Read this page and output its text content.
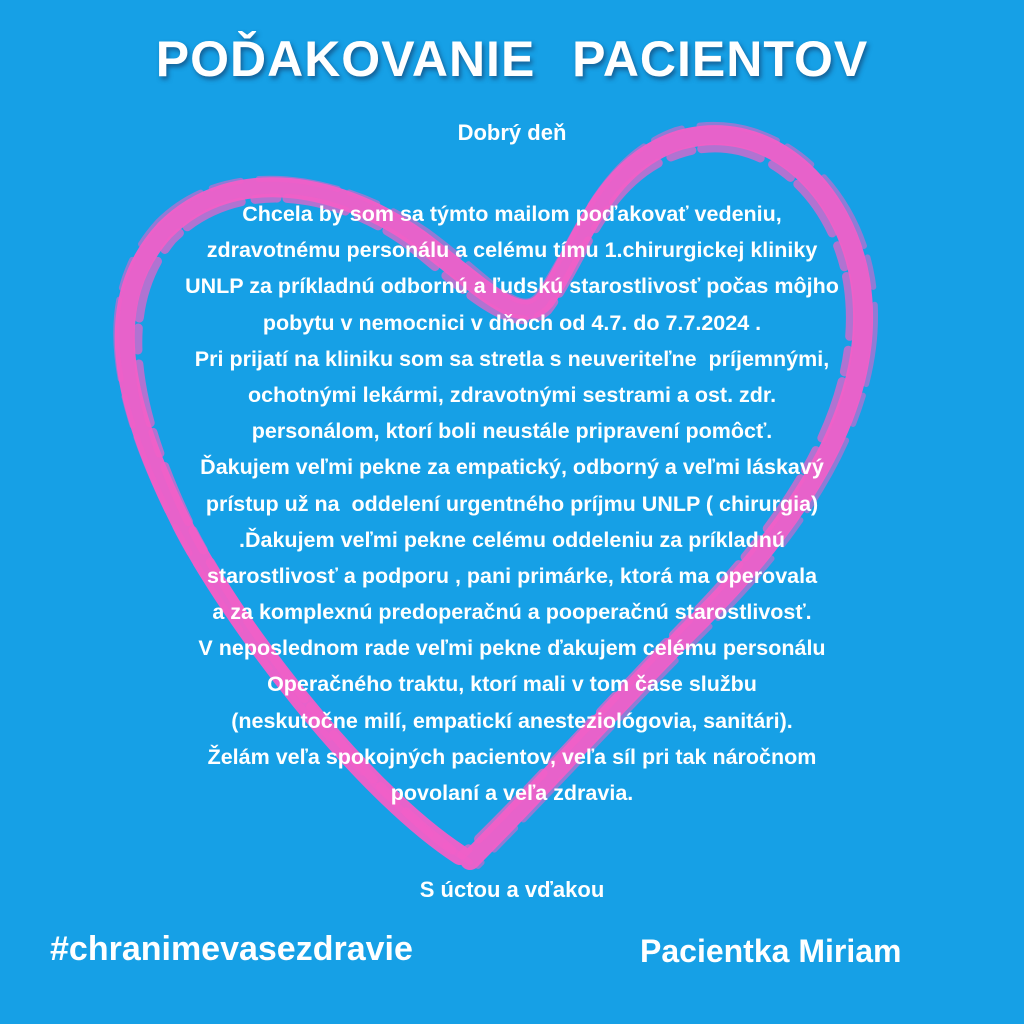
POĎAKOVANIE PACIENTOV
Dobrý deň
Chcela by som sa týmto mailom poďakovať vedeniu,
zdravotnému personálu a celému tímu 1.chirurgickej kliniky
UNLP za príkladnú odbornú a ľudskú starostlivosť počas môjho
pobytu v nemocnici v dňoch od 4.7. do 7.7.2024 .
Pri prijatí na kliniku som sa stretla s neuveriteľne  príjemnými,
ochotnými lekármi, zdravotnými sestrami a ost. zdr.
personálom, ktorí boli neustále pripravení pomôcť.
Ďakujem veľmi pekne za empatický, odborný a veľmi láskavý
prístup už na  oddelení urgentného príjmu UNLP ( chirurgia)
.Ďakujem veľmi pekne celému oddeleniu za príkladnú
starostlivosť a podporu , pani primárke, ktorá ma operovala
a za komplexnú predoperačnú a pooperačnú starostlivosť.
V neposlednom rade veľmi pekne ďakujem celému personálu
Operačného traktu, ktorí mali v tom čase službu
(neskutočne milí, empatickí anesteziológovia, sanitári).
Želám veľa spokojných pacientov, veľa síl pri tak náročnom
povolaní a veľa zdravia.
S úctou a vďakou
#chranimevasezdravie	Pacientka Miriam
